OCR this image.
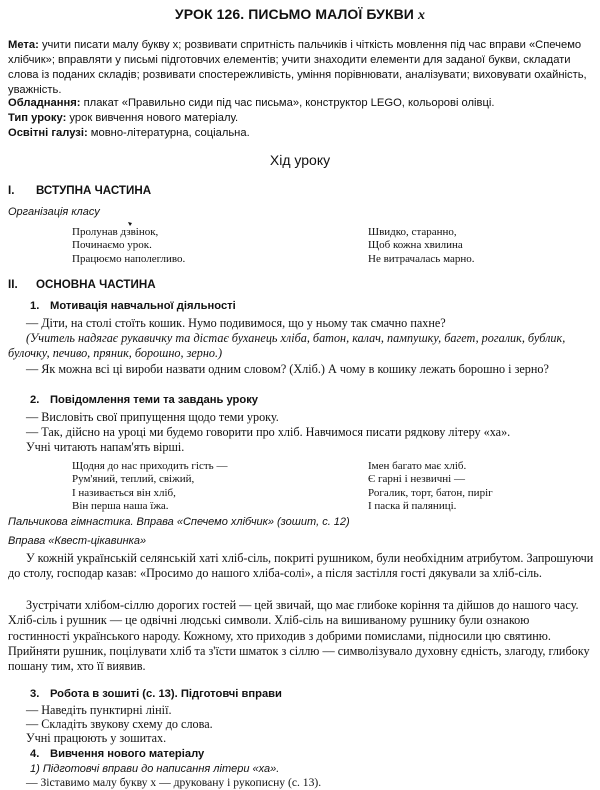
УРОК 126. ПИСЬМО МАЛОЇ БУКВИ х

Мета: учити писати малу букву х; розвивати спритність пальчиків і чіткість мовлення під час вправи «Спечемо хлібчик»; вправляти у письмі підготовчих елементів; учити знаходити елементи для заданої букви, складати слова із поданих складів; розвивати спостережливість, уміння порівнювати, аналізувати; виховувати охайність, уважність.

Обладнання: плакат «Правильно сиди під час письма», конструктор LEGO, кольорові олівці.

Тип уроку: урок вивчення нового матеріалу.

Освітні галузі: мовно-літературна, соціальна.

Хід уроку
I. ВСТУПНА ЧАСТИНА
Організація класу
Пролунав дзвінок,
Починаємо урок.
Працюємо наполегливо.
Швидко, старанно,
Щоб кожна хвилина
Не витрачалась марно.
II. ОСНОВНА ЧАСТИНА
1. Мотивація навчальної діяльності

— Діти, на столі стоїть кошик. Нумо подивимося, що у ньому так смачно пахне?

(Учитель надягає рукавичку та дістає буханець хліба, батон, калач, пампушку, багет, рогалик, бублик, булочку, печиво, пряник, борошно, зерно.)

— Як можна всі ці вироби назвати одним словом? (Хліб.) А чому в кошику лежать борошно і зерно?

2. Повідомлення теми та завдань уроку

— Висловіть свої припущення щодо теми уроку.

— Так, дійсно на уроці ми будемо говорити про хліб. Навчимося писати рядкову літеру «ха».

Учні читають напам'ять вірші.

Щодня до нас приходить гість —
Рум'яний, теплий, свіжий,
І називається він хліб,
Він перша наша їжа.
Імен багато має хліб.
Є гарні і незвичні —
Рогалик, торт, батон, пиріг
І паска й паляниці.
Пальчикова гімнастика. Вправа «Спечемо хлібчик» (зошит, с. 12)
Вправа «Квест-цікавинка»

У кожній українській селянській хаті хліб-сіль, покриті рушником, були необхідним атрибутом. Запрошуючи до столу, господар казав: «Просимо до нашого хліба-солі», а після застілля гості дякували за хліб-сіль.

Зустрічати хлібом-сіллю дорогих гостей — цей звичай, що має глибоке коріння та дійшов до нашого часу. Хліб-сіль і рушник — це одвічні людські символи. Хліб-сіль на вишиваному рушнику були ознакою гостинності українського народу. Кожному, хто приходив з добрими помислами, підносили цю святиню. Прийняти рушник, поцілувати хліб та з'їсти шматок з сіллю — символізувало духовну єдність, злагоду, глибоку пошану тим, хто її виявив.

3. Робота в зошиті (с. 13). Підготовчі вправи

— Наведіть пунктирні лінії.

— Складіть звукову схему до слова.

Учні працюють у зошитах.

4. Вивчення нового матеріалу
1) Підготовчі вправи до написання літери «ха».

— Зіставимо малу букву х — друковану і рукописну (с. 13).
